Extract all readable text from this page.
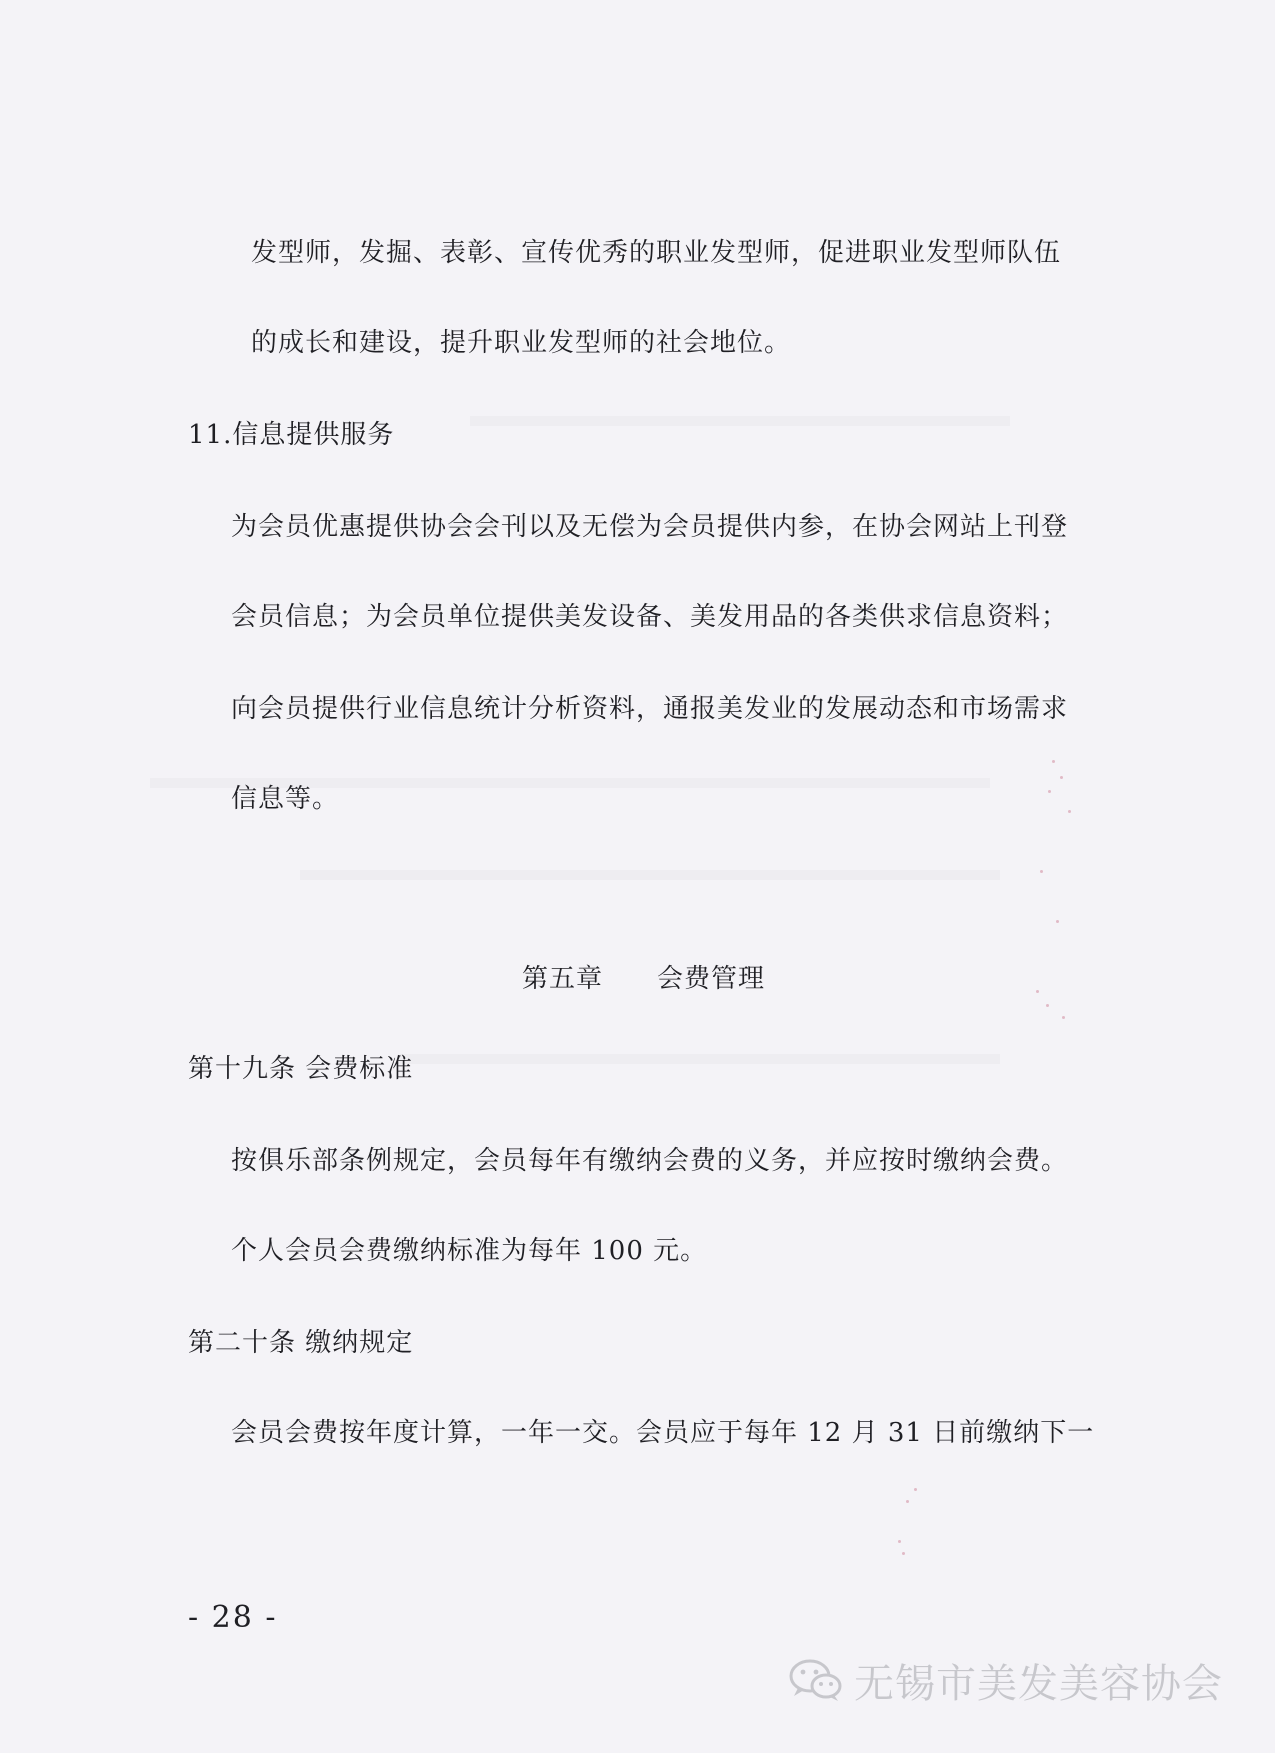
发型师，发掘、表彰、宣传优秀的职业发型师，促进职业发型师队伍
的成长和建设，提升职业发型师的社会地位。
11.信息提供服务
为会员优惠提供协会会刊以及无偿为会员提供内参，在协会网站上刊登
会员信息；为会员单位提供美发设备、美发用品的各类供求信息资料；
向会员提供行业信息统计分析资料，通报美发业的发展动态和市场需求
信息等。
第五章　　会费管理
第十九条 会费标准
按俱乐部条例规定，会员每年有缴纳会费的义务，并应按时缴纳会费。
个人会员会费缴纳标准为每年 100 元。
第二十条 缴纳规定
会员会费按年度计算，一年一交。会员应于每年 12 月 31 日前缴纳下一
- 28 -
无锡市美发美容协会
